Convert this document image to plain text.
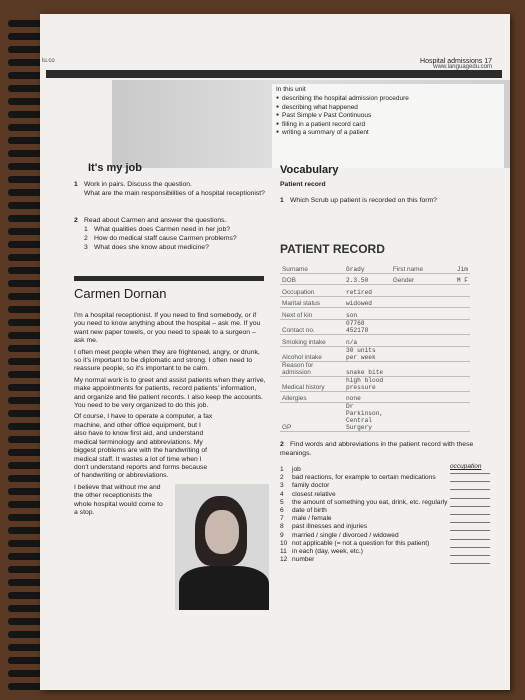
lu.co	Hospital admissions 17
www.languagedu.com
In this unit
● describing the hospital admission procedure
● describing what happened
● Past Simple v Past Continuous
● filling in a patient record card
● writing a summary of a patient
It's my job
1 Work in pairs. Discuss the question.
What are the main responsibilities of a hospital receptionist?
2 Read about Carmen and answer the questions.
1 What qualities does Carmen need in her job?
2 How do medical staff cause Carmen problems?
3 What does she know about medicine?
Carmen Dornan

I'm a hospital receptionist. If you need to find somebody, or if you need to know anything about the hospital – ask me. If you want new paper towels, or you need to speak to a surgeon – ask me.

I often meet people when they are frightened, angry, or drunk, so it's important to be diplomatic and strong. I often need to reassure people, so it's important to be calm.

My normal work is to greet and assist patients when they arrive, make appointments for patients, record patients' information, and organize and file patient records. I also keep the accounts. You need to be very organized to do this job.

Of course, I have to operate a computer, a fax machine, and other office equipment, but I also have to know first aid, and understand medical terminology and abbreviations. My biggest problems are with the handwriting of medical staff. It wastes a lot of time when I don't understand reports and forms because of handwriting or abbreviations.

I believe that without me and the other receptionists the whole hospital would come to a stop.

Vocabulary
Patient record
1 Which Scrub up patient is recorded on this form?
PATIENT RECORD
Surname	Grady	First name	Jim
DOB	2.3.50	Gender	M F
Occupation	retired		
Marital status	widowed		
Next of kin	son		
Contact no.	07768 452178		
Smoking intake	n/a		
Alcohol intake	30 units per week		
Reason for admission	snake bite		
Medical history	high blood pressure		
Allergies	none		
GP	Dr Parkinson, Central Surgery		
2 Find words and abbreviations in the patient record with these meanings.
occupation
1	job
2	bad reactions, for example to certain medications
3	family doctor
4	closest relative
5	the amount of something you eat, drink, etc. regularly
6	date of birth
7	male / female
8	past illnesses and injuries
9	married / single / divorced / widowed
10 not applicable (= not a question for this patient)
11 in each (day, week, etc.)
12 number
